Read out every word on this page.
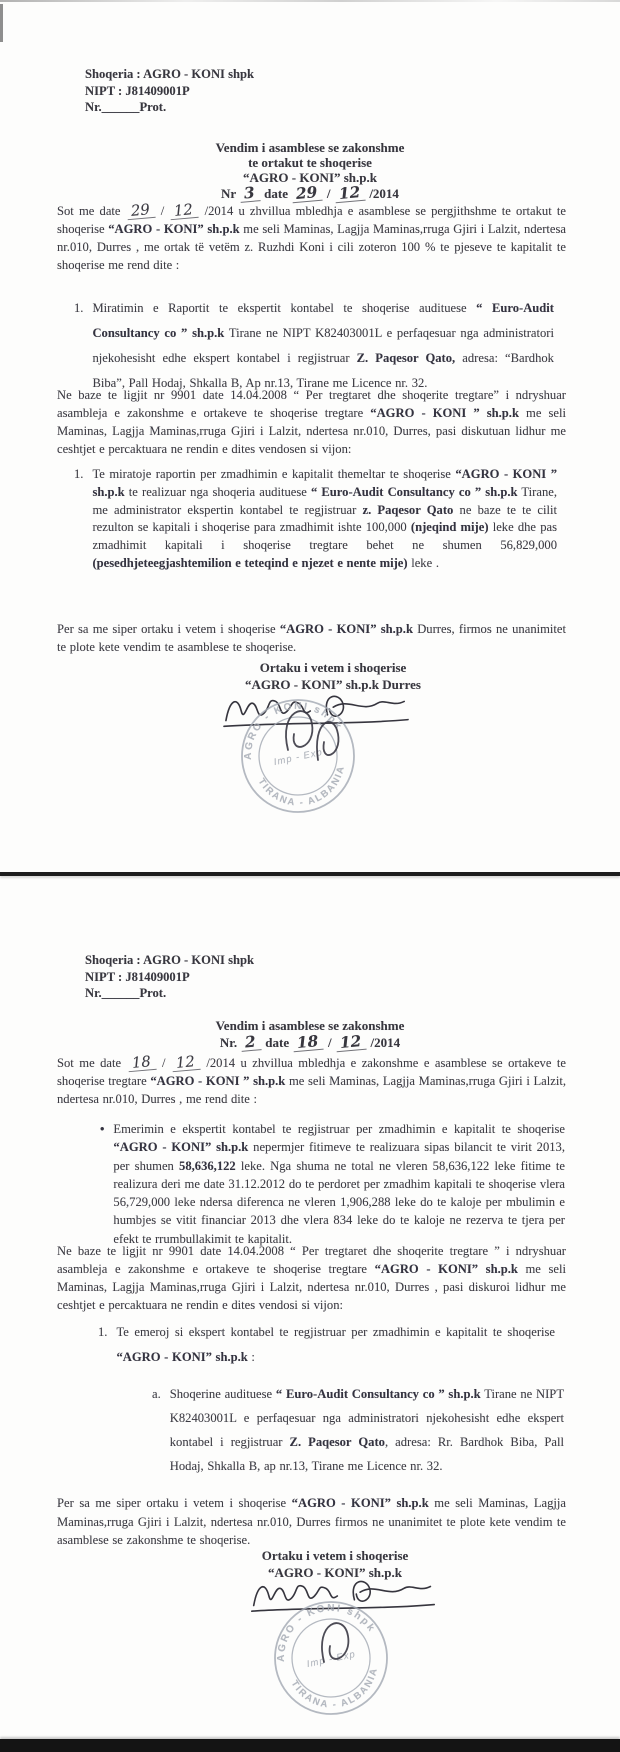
Shoqeria : AGRO - KONI shpk
NIPT : J81409001P
Nr.______Prot.
Vendim i asamblese se zakonshme
te ortakut te shoqerise
“AGRO - KONI” sh.p.k
Nr 3 date 29 / 12 /2014

Sot me date 29 / 12 /2014 u zhvillua mbledhja e asamblese se pergjithshme te ortakut te shoqerise “AGRO - KONI” sh.p.k me seli Maminas, Lagjja Maminas,rruga Gjiri i Lalzit, ndertesa nr.010, Durres , me ortak të vetëm z. Ruzhdi Koni i cili zoteron 100 % te pjeseve te kapitalit te shoqerise me rend dite :

1. Miratimin e Raportit te ekspertit kontabel te shoqerise audituese “ Euro-Audit Consultancy co ” sh.p.k Tirane ne NIPT K82403001L e perfaqesuar nga administratori njekohesisht edhe ekspert kontabel i regjistruar Z. Paqesor Qato, adresa: “Bardhok Biba”, Pall Hodaj, Shkalla B, Ap nr.13, Tirane me Licence nr. 32.

Ne baze te ligjit nr 9901 date 14.04.2008 “ Per tregtaret dhe shoqerite tregtare” i ndryshuar asambleja e zakonshme e ortakeve te shoqerise tregtare “AGRO - KONI ” sh.p.k me seli Maminas, Lagjja Maminas,rruga Gjiri i Lalzit, ndertesa nr.010, Durres, pasi diskutuan lidhur me ceshtjet e percaktuara ne rendin e dites vendosen si vijon:

1. Te miratoje raportin per zmadhimin e kapitalit themeltar te shoqerise “AGRO - KONI ” sh.p.k te realizuar nga shoqeria audituese “ Euro-Audit Consultancy co ” sh.p.k Tirane, me administrator ekspertin kontabel te regjistruar z. Paqesor Qato ne baze te te cilit rezulton se kapitali i shoqerise para zmadhimit ishte 100,000 (njeqind mije) leke dhe pas zmadhimit kapitali i shoqerise tregtare behet ne shumen 56,829,000 (pesedhjeteegjashtemilion e teteqind e njezet e nente mije) leke .

Per sa me siper ortaku i vetem i shoqerise “AGRO - KONI” sh.p.k Durres, firmos ne unanimitet te plote kete vendim te asamblese te shoqerise.

Ortaku i vetem i shoqerise
“AGRO - KONI” sh.p.k Durres
AGRO - KONI shpk
TIRANA - ALBANIA
Imp - Exp
Shoqeria : AGRO - KONI shpk
NIPT : J81409001P
Nr.______Prot.
Vendim i asamblese se zakonshme
Nr. 2 date 18 / 12 /2014

Sot me date 18 / 12 /2014 u zhvillua mbledhja e zakonshme e asamblese se ortakeve te shoqerise tregtare “AGRO - KONI ” sh.p.k me seli Maminas, Lagjja Maminas,rruga Gjiri i Lalzit, ndertesa nr.010, Durres , me rend dite :

• Emerimin e ekspertit kontabel te regjistruar per zmadhimin e kapitalit te shoqerise “AGRO - KONI” sh.p.k nepermjer fitimeve te realizuara sipas bilancit te virit 2013, per shumen 58,636,122 leke. Nga shuma ne total ne vleren 58,636,122 leke fitime te realizura deri me date 31.12.2012 do te perdoret per zmadhim kapitali te shoqerise vlera 56,729,000 leke ndersa diferenca ne vleren 1,906,288 leke do te kaloje per mbulimin e humbjes se vitit financiar 2013 dhe vlera 834 leke do te kaloje ne rezerva te tjera per efekt te rrumbullakimit te kapitalit.

Ne baze te ligjit nr 9901 date 14.04.2008 “ Per tregtaret dhe shoqerite tregtare ” i ndryshuar asambleja e zakonshme e ortakeve te shoqerise tregtare “AGRO - KONI” sh.p.k me seli Maminas, Lagjja Maminas,rruga Gjiri i Lalzit, ndertesa nr.010, Durres , pasi diskuroi lidhur me ceshtjet e percaktuara ne rendin e dites vendosi si vijon:

1. Te emeroj si ekspert kontabel te regjistruar per zmadhimin e kapitalit te shoqerise “AGRO - KONI” sh.p.k :
a. Shoqerine audituese “ Euro-Audit Consultancy co ” sh.p.k Tirane ne NIPT K82403001L e perfaqesuar nga administratori njekohesisht edhe ekspert kontabel i regjistruar Z. Paqesor Qato, adresa: Rr. Bardhok Biba, Pall Hodaj, Shkalla B, ap nr.13, Tirane me Licence nr. 32.

Per sa me siper ortaku i vetem i shoqerise “AGRO - KONI” sh.p.k me seli Maminas, Lagjja Maminas,rruga Gjiri i Lalzit, ndertesa nr.010, Durres firmos ne unanimitet te plote kete vendim te asamblese se zakonshme te shoqerise.

Ortaku i vetem i shoqerise
“AGRO - KONI” sh.p.k
AGRO - KONI shpk
TIRANA - ALBANIA
Imp - Exp
